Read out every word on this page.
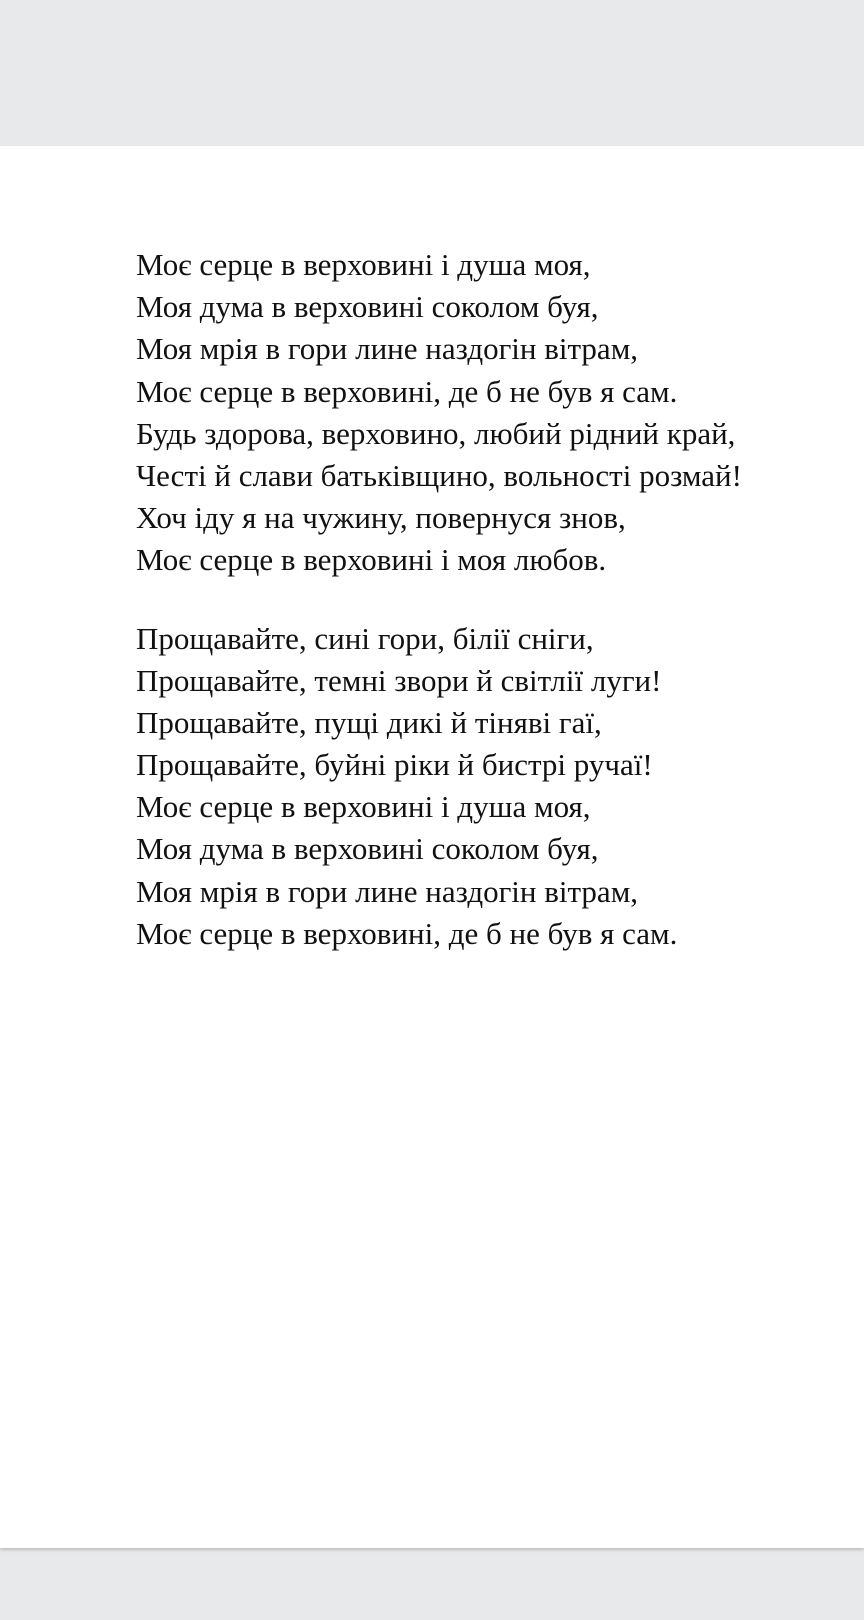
Моє серце в верховині і душа моя,
Моя дума в верховині соколом буя,
Моя мрія в гори лине наздогін вітрам,
Моє серце в верховині, де б не був я сам.
Будь здорова, верховино, любий рідний край,
Честі й слави батьківщино, вольності розмай!
Хоч іду я на чужину, повернуся знов,
Моє серце в верховині і моя любов.
Прощавайте, сині гори, білії сніги,
Прощавайте, темні звори й світлії луги!
Прощавайте, пущі дикі й тіняві гаї,
Прощавайте, буйні ріки й бистрі ручаї!
Моє серце в верховині і душа моя,
Моя дума в верховині соколом буя,
Моя мрія в гори лине наздогін вітрам,
Моє серце в верховині, де б не був я сам.
